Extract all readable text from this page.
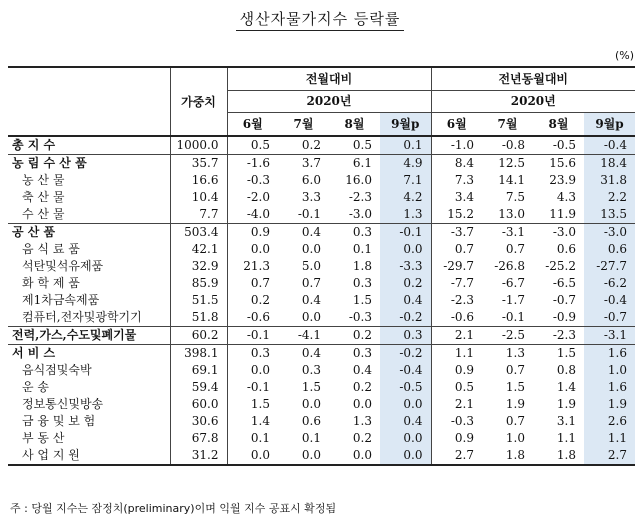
생산자물가지수 등락률
(%)
	가중치	전월대비				전년동월대비			
		2020년				2020년			
		6월	7월	8월	9월p	6월	7월	8월	9월p

총 지 수	1000.0	0.5	0.2	0.5	0.1	-1.0	-0.8	-0.5	-0.4

농 림 수 산 품	35.7	-1.6	3.7	6.1	4.9	8.4	12.5	15.6	18.4

농 산 물	16.6	-0.3	6.0	16.0	7.1	7.3	14.1	23.9	31.8

축 산 물	10.4	-2.0	3.3	-2.3	4.2	3.4	7.5	4.3	2.2

수 산 물	7.7	-4.0	-0.1	-3.0	1.3	15.2	13.0	11.9	13.5

공 산 품	503.4	0.9	0.4	0.3	-0.1	-3.7	-3.1	-3.0	-3.0

음 식 료 품	42.1	0.0	0.0	0.1	0.0	0.7	0.7	0.6	0.6

석탄및석유제품	32.9	21.3	5.0	1.8	-3.3	-29.7	-26.8	-25.2	-27.7

화 학 제 품	85.9	0.7	0.7	0.3	0.2	-7.7	-6.7	-6.5	-6.2

제1차금속제품	51.5	0.2	0.4	1.5	0.4	-2.3	-1.7	-0.7	-0.4

컴퓨터,전자및광학기기	51.8	-0.6	0.0	-0.3	-0.2	-0.6	-0.1	-0.9	-0.7

전력,가스,수도및폐기물	60.2	-0.1	-4.1	0.2	0.3	2.1	-2.5	-2.3	-3.1

서 비 스	398.1	0.3	0.4	0.3	-0.2	1.1	1.3	1.5	1.6

음식점및숙박	69.1	0.0	0.3	0.4	-0.4	0.9	0.7	0.8	1.0

운 송	59.4	-0.1	1.5	0.2	-0.5	0.5	1.5	1.4	1.6

정보통신및방송	60.0	1.5	0.0	0.0	0.0	2.1	1.9	1.9	1.9

금 융 및 보 험	30.6	1.4	0.6	1.3	0.4	-0.3	0.7	3.1	2.6

부 동 산	67.8	0.1	0.1	0.2	0.0	0.9	1.0	1.1	1.1

사 업 지 원	31.2	0.0	0.0	0.0	0.0	2.7	1.8	1.8	2.7
주 : 당월 지수는 잠정치(preliminary)이며 익월 지수 공표시 확정됨
